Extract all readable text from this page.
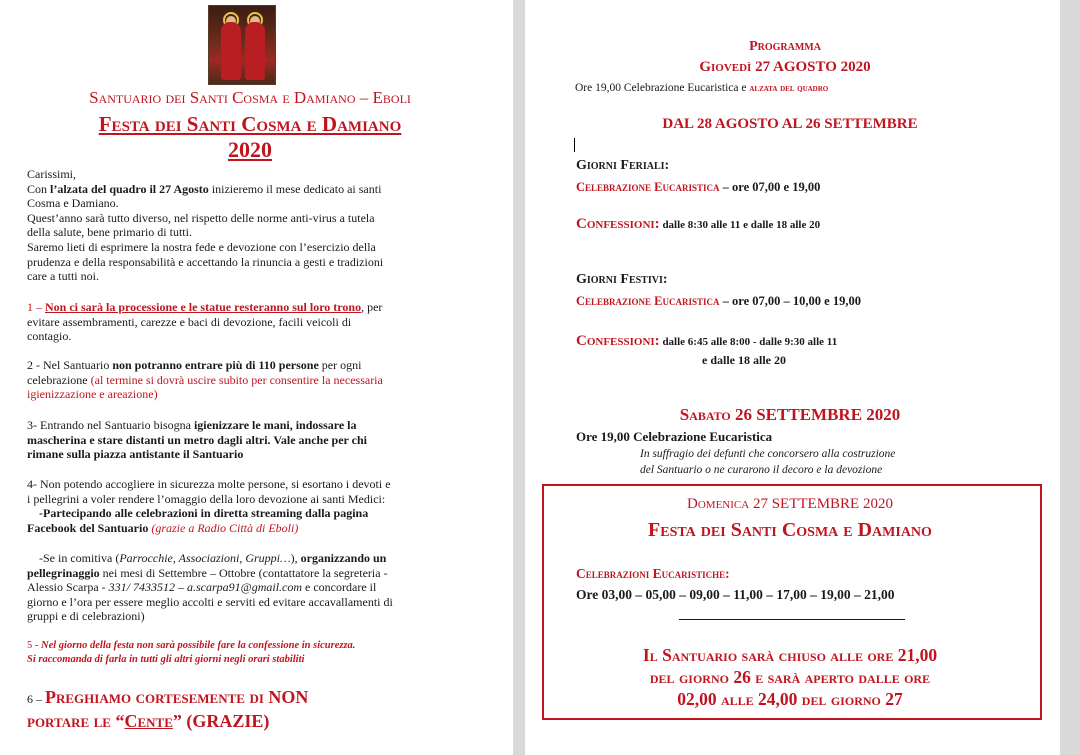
Santuario dei Santi Cosma e Damiano – Eboli
Festa dei Santi Cosma e Damiano
2020
Carissimi,
Con l’alzata del quadro il 27 Agosto inizieremo il mese dedicato ai santi
Cosma e Damiano.
Quest’anno sarà tutto diverso, nel rispetto delle norme anti-virus a tutela
della salute, bene primario di tutti.
Saremo lieti di esprimere la nostra fede e devozione con l’esercizio della
prudenza e della responsabilità e accettando la rinuncia a gesti e tradizioni
care a tutti noi.
1 – Non ci sarà la processione e le statue resteranno sul loro trono, per
evitare assembramenti, carezze e baci di devozione, facili veicoli di
contagio.
2 - Nel Santuario non potranno entrare più di 110 persone per ogni
celebrazione (al termine si dovrà uscire subito per consentire la necessaria
igienizzazione e areazione)
3- Entrando nel Santuario bisogna igienizzare le mani, indossare la
mascherina e stare distanti un metro dagli altri. Vale anche per chi
rimane sulla piazza antistante il Santuario
4- Non potendo accogliere in sicurezza molte persone, si esortano i devoti e
i pellegrini a voler rendere l’omaggio della loro devozione ai santi Medici:
-Partecipando alle celebrazioni in diretta streaming dalla pagina
Facebook del Santuario (grazie a Radio Città di Eboli)
-Se in comitiva (Parrocchie, Associazioni, Gruppi…), organizzando un
pellegrinaggio nei mesi di Settembre – Ottobre (contattatore la segreteria -
Alessio Scarpa - 331/ 7433512 – a.scarpa91@gmail.com e concordare il
giorno e l’ora per essere meglio accolti e serviti ed evitare accavallamenti di
gruppi e di celebrazioni)
5 - Nel giorno della festa non sarà possibile fare la confessione in sicurezza.
Si raccomanda di farla in tutti gli altri giorni negli orari stabiliti
6 – Preghiamo cortesemente di NON
portare le “Cente” (GRAZIE)
Programma
Giovedì 27 AGOSTO 2020
Ore 19,00 Celebrazione Eucaristica e alzata del quadro
DAL 28 AGOSTO AL 26 SETTEMBRE
Giorni Feriali:
Celebrazione Eucaristica – ore 07,00 e 19,00
Confessioni: dalle 8:30 alle 11 e dalle 18 alle 20
Giorni Festivi:
Celebrazione Eucaristica – ore 07,00 – 10,00 e 19,00
Confessioni: dalle 6:45 alle 8:00 - dalle 9:30 alle 11
e dalle 18 alle 20
Sabato 26 SETTEMBRE 2020
Ore 19,00 Celebrazione Eucaristica
In suffragio dei defunti che concorsero alla costruzione
del Santuario o ne curarono il decoro e la devozione
Domenica 27 SETTEMBRE 2020
Festa dei Santi Cosma e Damiano
Celebrazioni Eucaristiche:
Ore 03,00 – 05,00 – 09,00 – 11,00 – 17,00 – 19,00 – 21,00
Il Santuario sarà chiuso alle ore 21,00
del giorno 26 e sarà aperto dalle ore
02,00 alle 24,00 del giorno 27
